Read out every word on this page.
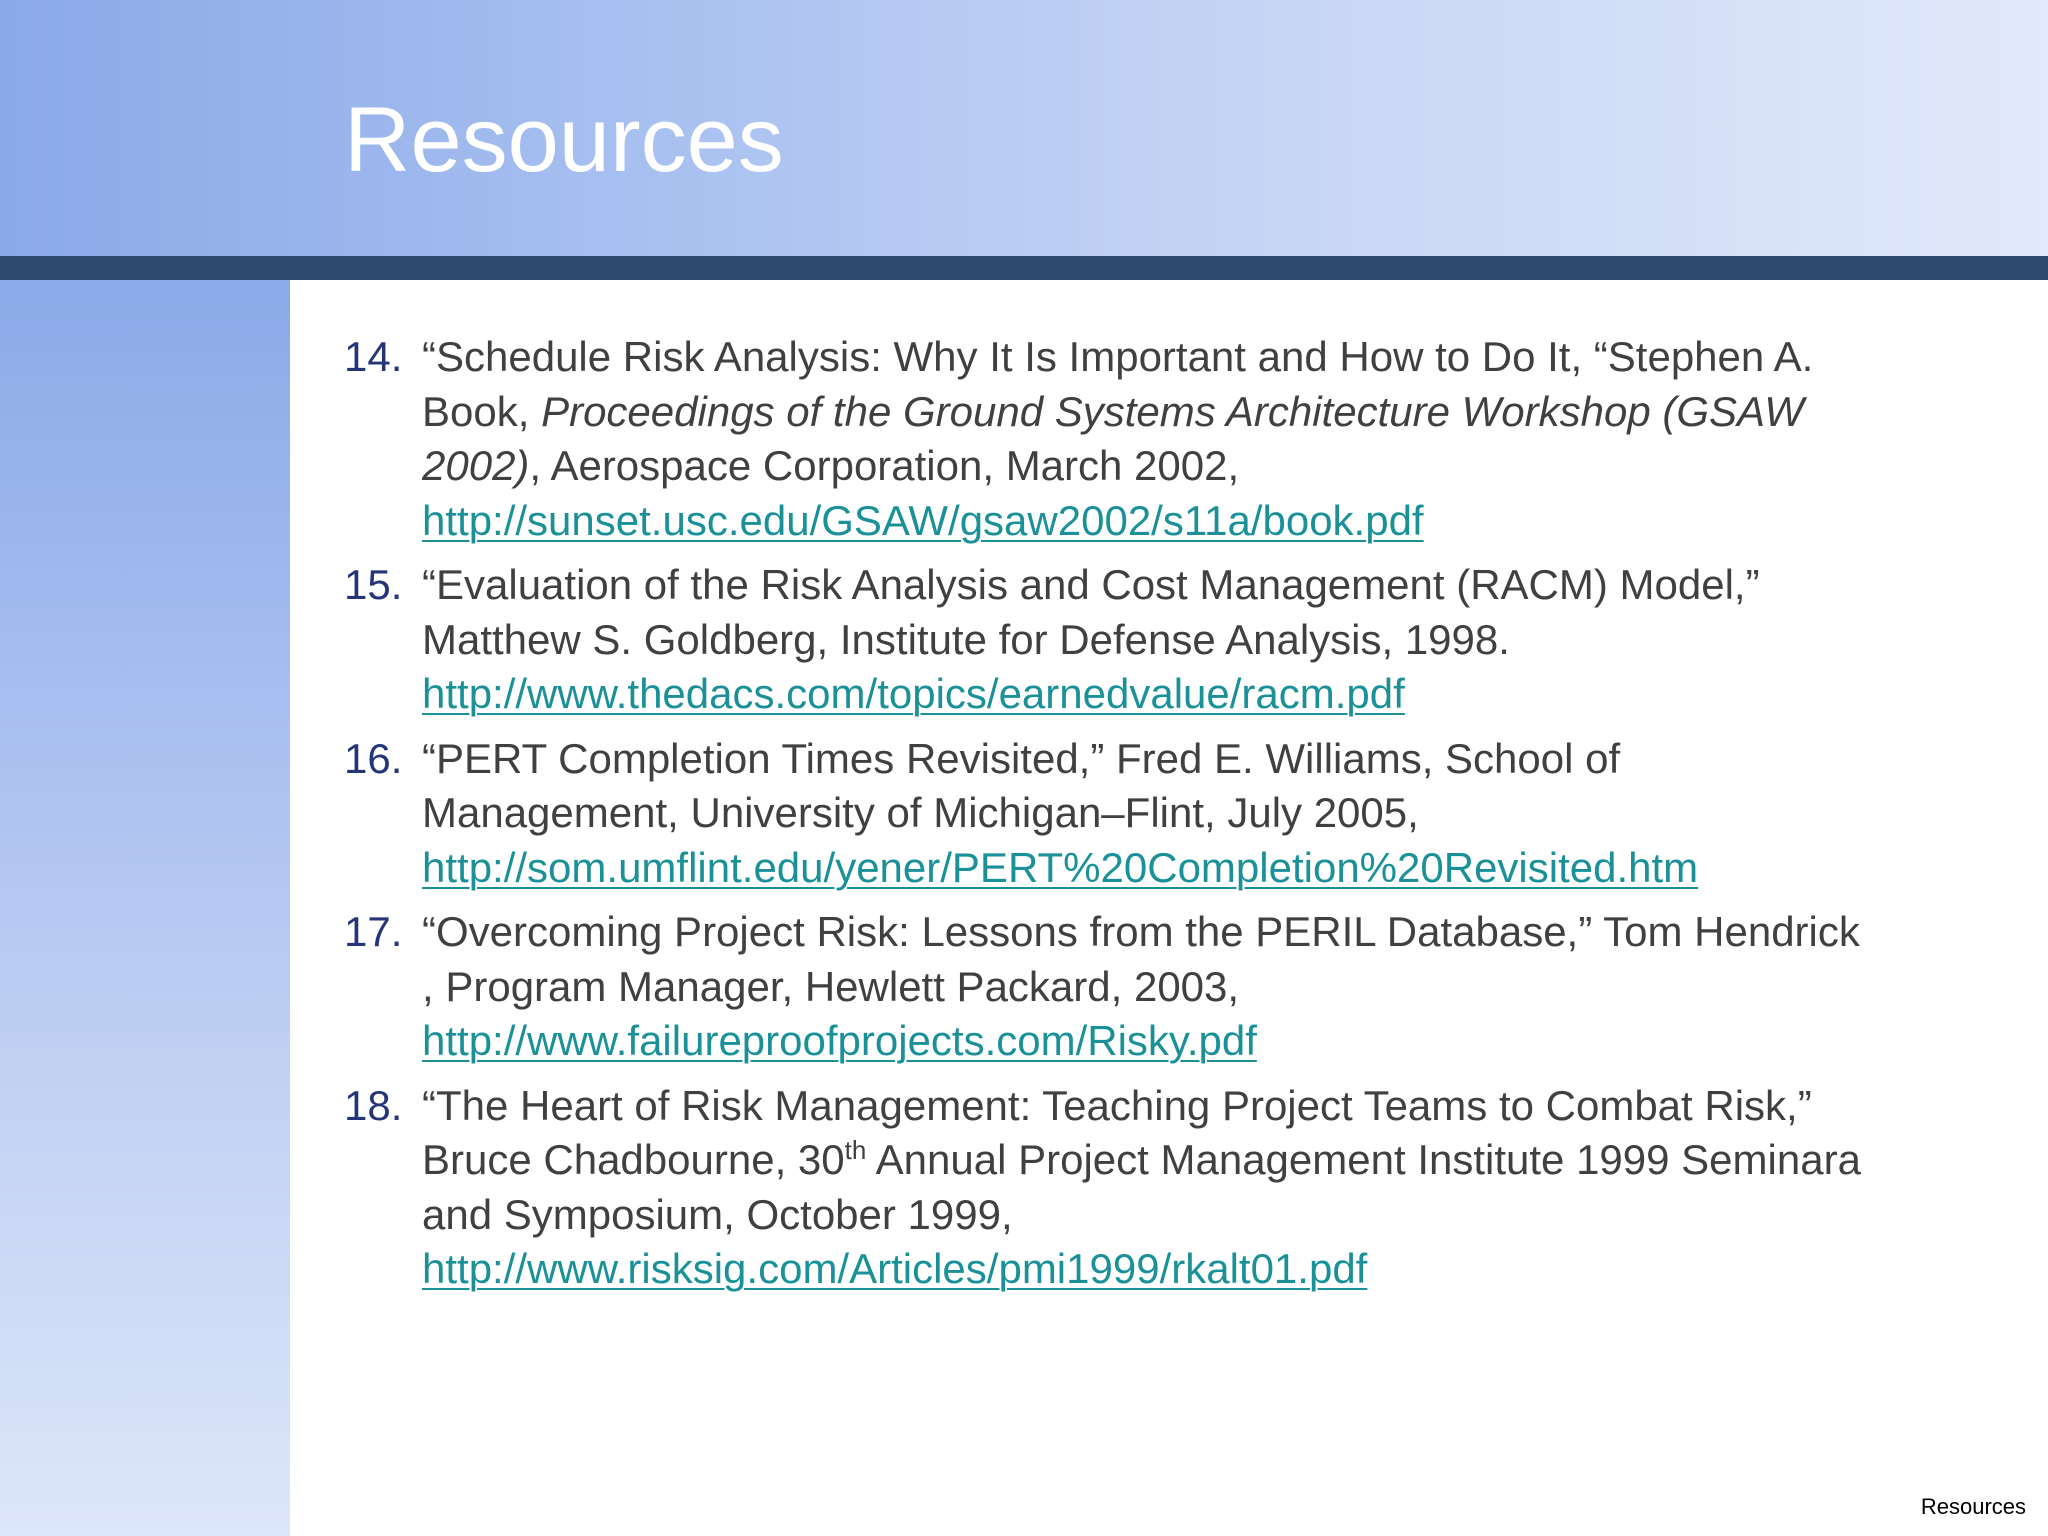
Resources
14. “Schedule Risk Analysis: Why It Is Important and How to Do It, “Stephen A.
Book, Proceedings of the Ground Systems Architecture Workshop (GSAW
2002), Aerospace Corporation, March 2002,
http://sunset.usc.edu/GSAW/gsaw2002/s11a/book.pdf
15. “Evaluation of the Risk Analysis and Cost Management (RACM) Model,”
Matthew S. Goldberg, Institute for Defense Analysis, 1998.
http://www.thedacs.com/topics/earnedvalue/racm.pdf
16. “PERT Completion Times Revisited,” Fred E. Williams, School of
Management, University of Michigan–Flint, July 2005,
http://som.umflint.edu/yener/PERT%20Completion%20Revisited.htm
17. “Overcoming Project Risk: Lessons from the PERIL Database,” Tom Hendrick
, Program Manager, Hewlett Packard, 2003,
http://www.failureproofprojects.com/Risky.pdf
18. “The Heart of Risk Management: Teaching Project Teams to Combat Risk,”
Bruce Chadbourne, 30th Annual Project Management Institute 1999 Seminara
and Symposium, October 1999,
http://www.risksig.com/Articles/pmi1999/rkalt01.pdf
Resources
